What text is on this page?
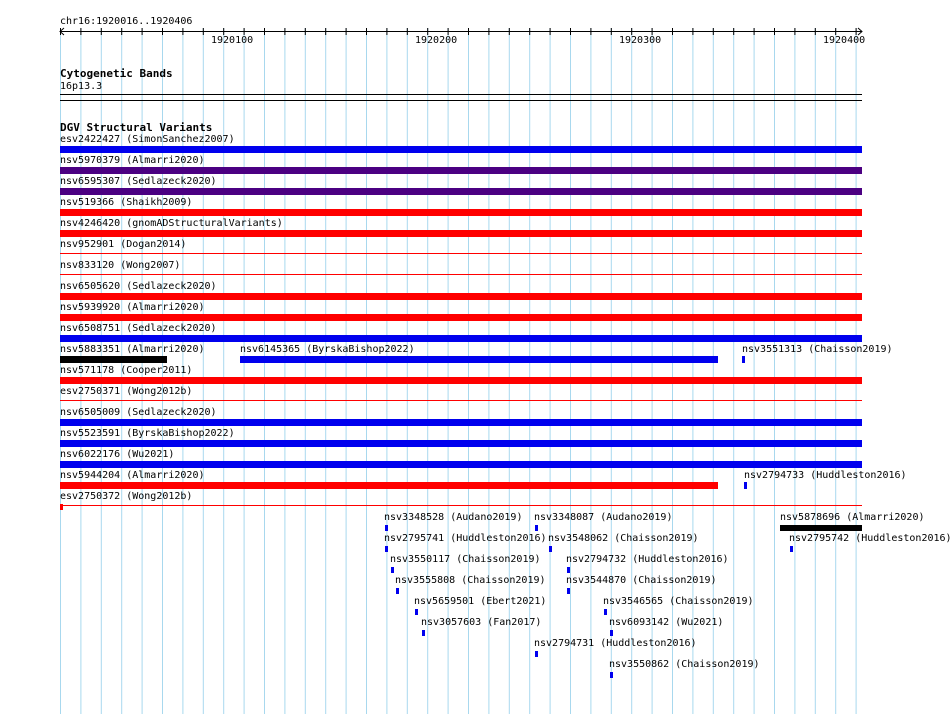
chr16:1920016..1920406
1920100	1920200	1920300	1920400
Cytogenetic Bands
16p13.3
DGV Structural Variants
esv2422427 (SimonSanchez2007)
nsv5970379 (Almarri2020)
nsv6595307 (Sedlazeck2020)
nsv519366 (Shaikh2009)
nsv4246420 (gnomADStructuralVariants)
nsv952901 (Dogan2014)
nsv833120 (Wong2007)
nsv6505620 (Sedlazeck2020)
nsv5939920 (Almarri2020)
nsv6508751 (Sedlazeck2020)
nsv5883351 (Almarri2020)
nsv571178 (Cooper2011)
esv2750371 (Wong2012b)
nsv6505009 (Sedlazeck2020)
nsv5523591 (ByrskaBishop2022)
nsv6022176 (Wu2021)
nsv5944204 (Almarri2020)
esv2750372 (Wong2012b)
nsv6145365 (ByrskaBishop2022)	nsv3551313 (Chaisson2019)
nsv2794733 (Huddleston2016)
nsv3348528 (Audano2019) nsv3348087 (Audano2019)	nsv5878696 (Almarri2020)
nsv2795741 (Huddleston2016) nsv3548062 (Chaisson2019)	nsv2795742 (Huddleston2016)
nsv3550117 (Chaisson2019)	nsv2794732 (Huddleston2016)
nsv3555808 (Chaisson2019) nsv3544870 (Chaisson2019)
nsv5659501 (Ebert2021)	nsv3546565 (Chaisson2019)
nsv3057603 (Fan2017)	nsv6093142 (Wu2021)
nsv2794731 (Huddleston2016)
nsv3550862 (Chaisson2019)
